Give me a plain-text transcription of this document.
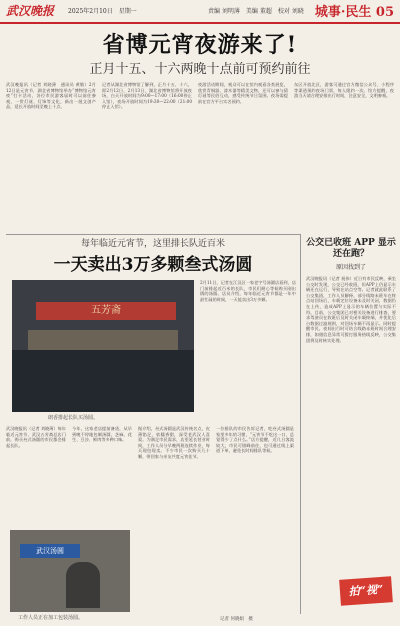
武汉晚报 2025年2月10日　星期一	责编 刘明薄　美编 董超　校对 刘晓 城事·民生 05
省博元宵夜游来了!
正月十五、十六两晚十点前可预约前往
武汉晚报讯（记者 刘晓薄　通讯员 黄敏）2月12日是元宵节，湖北省博物馆举办“博物馆元宵夜”打卡活动，各位市民游客届时可以前往参观，一赏灯谜、灯饰等文化，新出一批文创产品，延长开放时间至晚上十点。
记者从湖北省博物馆了解到，正月十五、十六，即2月12日、2月13日，湖北省博物馆将开放夜场，白天开放时间为9:00—17:00（16:00停止入馆），夜场开放时间为19:30—22:00（21:00停止入馆）。
夜游活动期间，观众可以在馆内观看各类展览，欣赏青铜器、漆木器等精美文物，还可以参与猜灯谜等民俗互动，感受传统节日氛围。夜场需提前在官方平台实名预约。
东区开放北区，游客可通过官方微信公众号、小程序等渠道预约夜场门票，每人限约一次。馆方提醒，夜游当天请合理安排出行时间，注意安全，文明参观。
每年临近元宵节，这里排长队近百米
一天卖出3万多颗叁式汤圆
五芳斋
朗香排起长队买汤圆。
2月11日，记者在江汉区一家老字号汤圆店看到，店门前排起近百米的长队，市民们耐心等候购买刚出锅的汤圆。店员介绍，每年临近元宵节都是一年中最忙碌的时候，一天能卖出3万多颗。
武汉晚报讯（记者 刘晓薄）每年临近元宵节，武汉五芳斋总店门前，购买叁式汤圆的市民都会排起长队。
今年，这家老店提前备货，从早到晚不停地包制汤圆，芝麻、花生、豆沙、鲜肉等多种口味。
武汉汤圆
工作人员正在加工包装汤圆。
据介绍，叁式汤圆是武汉传统名点，皮薄馅足，软糯香甜，深受老武汉人喜爱。为满足市民需求，店里延长营业时间，工作人员分早晚两班连续作业，每天现包现卖。不少市民一次购买几十颗，带回家与亲友共度元宵佳节。
一位排队的市民告诉记者，吃叁式汤圆是家里多年的习惯，“元宵节不吃这一口，总觉得少了点什么。”店方提醒，近几日客流较大，市民可错峰前往，也可通过线上渠道下单，避免长时间排队等候。
记者 何晓娟　摄
公交已收班 APP 显示还在跑？
原因找到了
武汉晚报讯（记者 祝伟）近日有市民反映，乘坐公交时发现，公交已经收班，但APP上仍显示车辆还在运行，导致在站点空等。记者就此联系了公交集团，工作人员解释，部分线路末班车在终点站回场后，车载定位设备未及时关闭，数据仍在上传，造成APP上显示的车辆位置与实际不符。目前，公交集团已对相关设备进行排查，要求驾驶员在收班后及时关闭车载终端，并优化后台数据过滤规则，对回场车辆不再显示。同时提醒市民，夜间出行时可结合线路末班时间合理安排，如遇信息异常可拨打服务热线反映，公交集团将及时核实处理。
拍“视”
